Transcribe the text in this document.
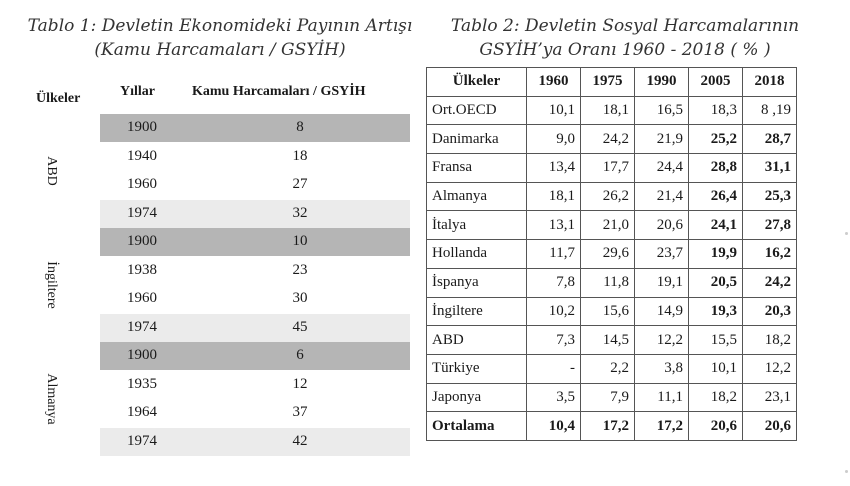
Tablo 1: Devletin Ekonomideki Payının Artışı
(Kamu Harcamaları / GSYİH)
Tablo 2: Devletin Sosyal Harcamalarının
GSYİH’ya Oranı 1960 - 2018 ( % )
Ülkeler	Yıllar	Kamu Harcamaları / GSYİH
ABD
1900	8
1940	18
1960	27
1974	32
İngiltere
1900	10
1938	23
1960	30
1974	45
Almanya
1900	6
1935	12
1964	37
1974	42
Ülkeler	1960	1975	1990	2005	2018
Ort.OECD	10,1	18,1	16,5	18,3	8 ,19
Danimarka	9,0	24,2	21,9	25,2	28,7
Fransa	13,4	17,7	24,4	28,8	31,1
Almanya	18,1	26,2	21,4	26,4	25,3
İtalya	13,1	21,0	20,6	24,1	27,8
Hollanda	11,7	29,6	23,7	19,9	16,2
İspanya	7,8	11,8	19,1	20,5	24,2
İngiltere	10,2	15,6	14,9	19,3	20,3
ABD	7,3	14,5	12,2	15,5	18,2
Türkiye	-	2,2	3,8	10,1	12,2
Japonya	3,5	7,9	11,1	18,2	23,1
Ortalama	10,4	17,2	17,2	20,6	20,6
